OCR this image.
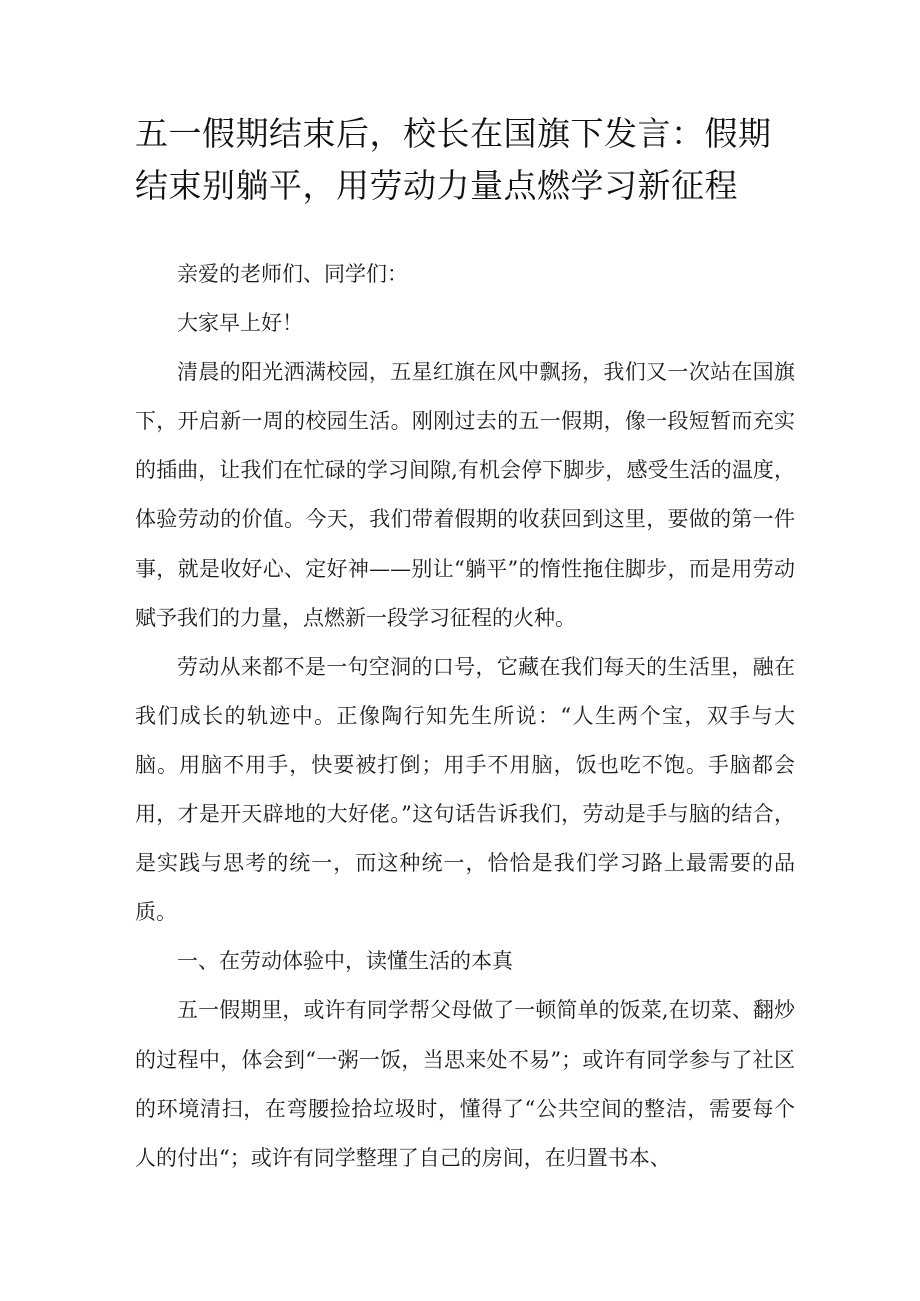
五一假期结束后，校长在国旗下发言：假期结束别躺平，用劳动力量点燃学习新征程

亲爱的老师们、同学们：

大家早上好！

清晨的阳光洒满校园，五星红旗在风中飘扬，我们又一次站在国旗下，开启新一周的校园生活。刚刚过去的五一假期，像一段短暂而充实的插曲，让我们在忙碌的学习间隙,有机会停下脚步，感受生活的温度，体验劳动的价值。今天，我们带着假期的收获回到这里，要做的第一件事，就是收好心、定好神——别让“躺平”的惰性拖住脚步，而是用劳动赋予我们的力量，点燃新一段学习征程的火种。

劳动从来都不是一句空洞的口号，它藏在我们每天的生活里，融在我们成长的轨迹中。正像陶行知先生所说：“人生两个宝，双手与大脑。用脑不用手，快要被打倒；用手不用脑，饭也吃不饱。手脑都会用，才是开天辟地的大好佬。”这句话告诉我们，劳动是手与脑的结合，是实践与思考的统一，而这种统一，恰恰是我们学习路上最需要的品质。

一、在劳动体验中，读懂生活的本真

五一假期里，或许有同学帮父母做了一顿简单的饭菜,在切菜、翻炒的过程中，体会到“一粥一饭，当思来处不易”；或许有同学参与了社区的环境清扫，在弯腰捡拾垃圾时，懂得了“公共空间的整洁，需要每个人的付出“；或许有同学整理了自己的房间，在归置书本、
